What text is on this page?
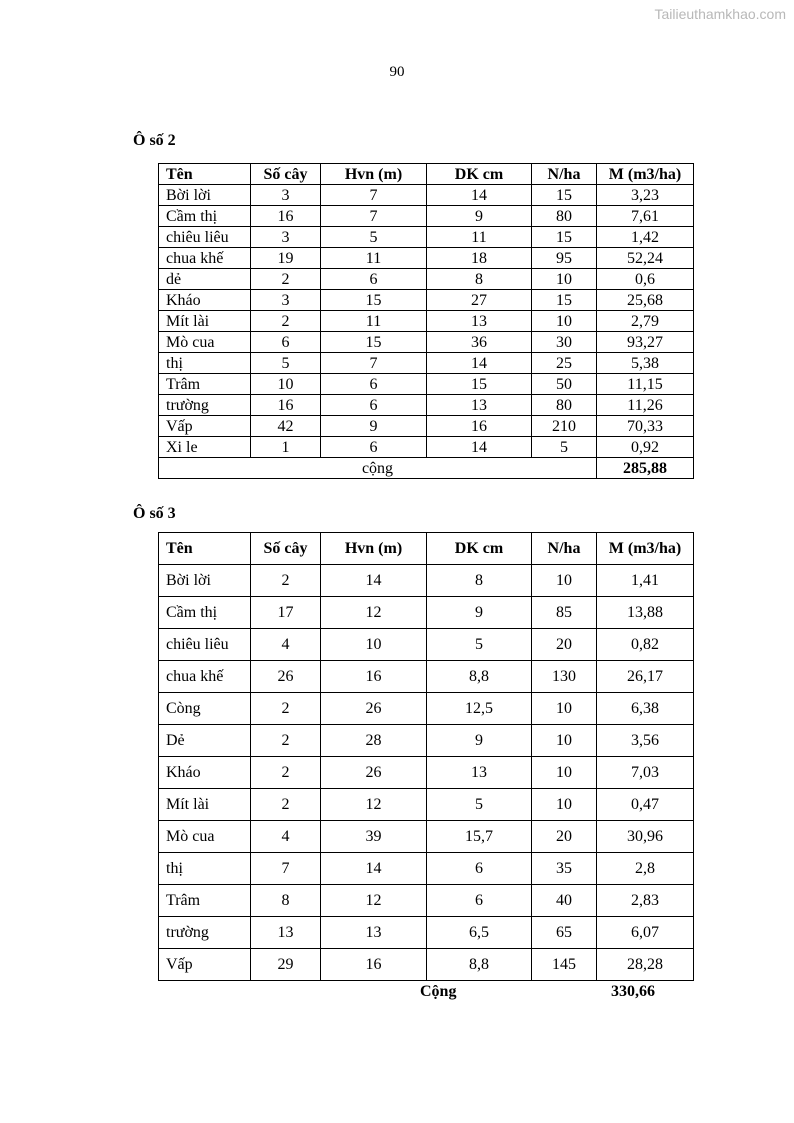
Tailieuthamkhao.com
90
Ô số 2
Tên	Số cây	Hvn (m)	DK cm	N/ha	M (m3/ha)
Bời lời	3	7	14	15	3,23
Cầm thị	16	7	9	80	7,61
chiêu liêu	3	5	11	15	1,42
chua khế	19	11	18	95	52,24
dẻ	2	6	8	10	0,6
Kháo	3	15	27	15	25,68
Mít lài	2	11	13	10	2,79
Mò cua	6	15	36	30	93,27
thị	5	7	14	25	5,38
Trâm	10	6	15	50	11,15
trường	16	6	13	80	11,26
Vấp	42	9	16	210	70,33
Xi le	1	6	14	5	0,92
cộng					285,88
Ô số 3
Tên	Số cây	Hvn (m)	DK cm	N/ha	M (m3/ha)
Bời lời	2	14	8	10	1,41
Cầm thị	17	12	9	85	13,88
chiêu liêu	4	10	5	20	0,82
chua khế	26	16	8,8	130	26,17
Còng	2	26	12,5	10	6,38
Dẻ	2	28	9	10	3,56
Kháo	2	26	13	10	7,03
Mít lài	2	12	5	10	0,47
Mò cua	4	39	15,7	20	30,96
thị	7	14	6	35	2,8
Trâm	8	12	6	40	2,83
trường	13	13	6,5	65	6,07
Vấp	29	16	8,8	145	28,28
Cộng	330,66
